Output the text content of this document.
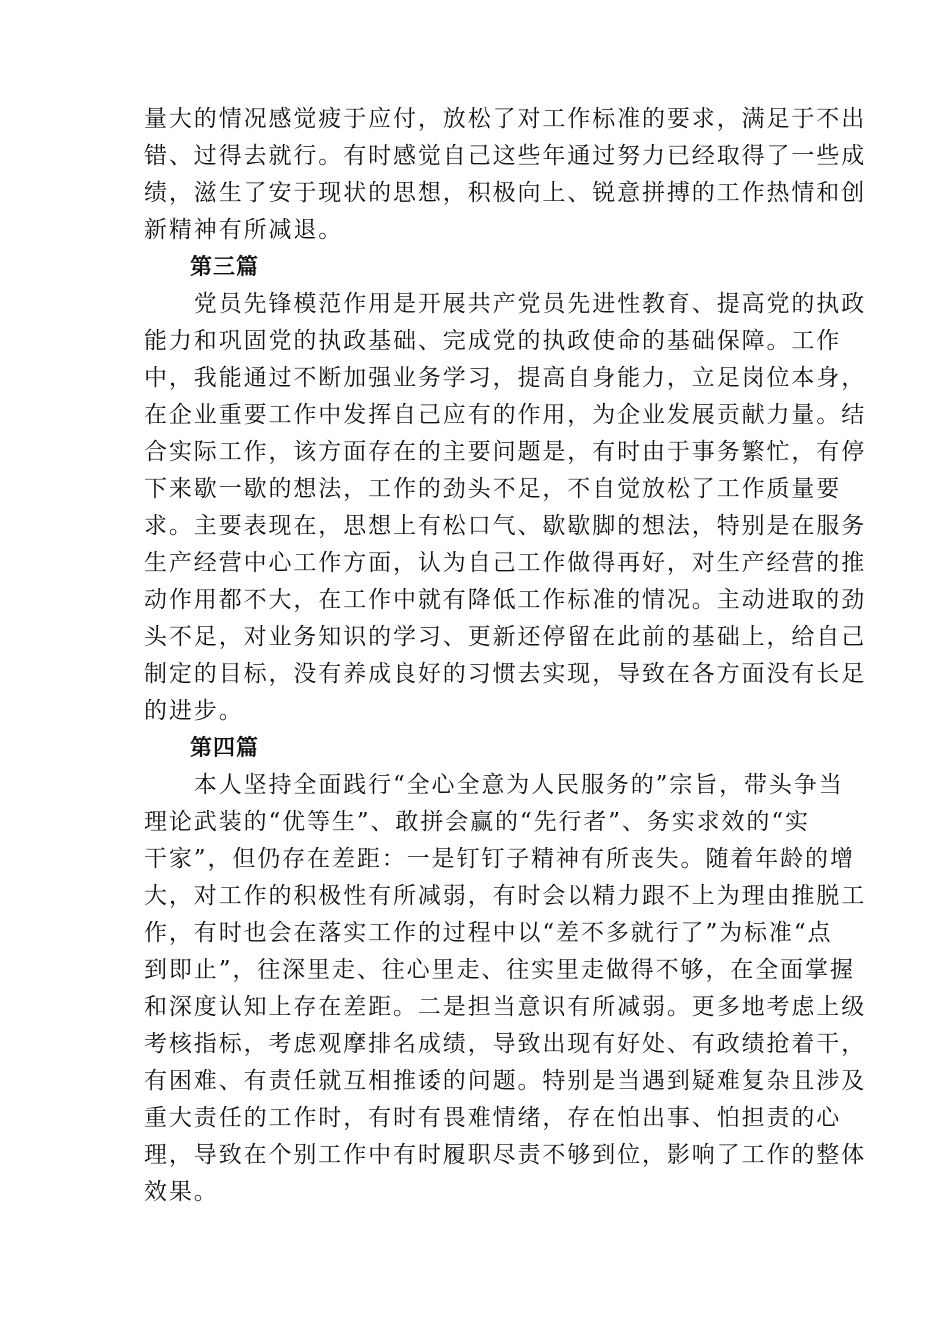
量大的情况感觉疲于应付，放松了对工作标准的要求，满足于不出
错、过得去就行。有时感觉自己这些年通过努力已经取得了一些成
绩，滋生了安于现状的思想，积极向上、锐意拼搏的工作热情和创
新精神有所减退。
第三篇
　　党员先锋模范作用是开展共产党员先进性教育、提高党的执政
能力和巩固党的执政基础、完成党的执政使命的基础保障。工作
中，我能通过不断加强业务学习，提高自身能力，立足岗位本身，
在企业重要工作中发挥自己应有的作用，为企业发展贡献力量。结
合实际工作，该方面存在的主要问题是，有时由于事务繁忙，有停
下来歇一歇的想法，工作的劲头不足，不自觉放松了工作质量要
求。主要表现在，思想上有松口气、歇歇脚的想法，特别是在服务
生产经营中心工作方面，认为自己工作做得再好，对生产经营的推
动作用都不大，在工作中就有降低工作标准的情况。主动进取的劲
头不足，对业务知识的学习、更新还停留在此前的基础上，给自己
制定的目标，没有养成良好的习惯去实现，导致在各方面没有长足
的进步。
第四篇
　　本人坚持全面践行“全心全意为人民服务的”宗旨，带头争当
理论武装的“优等生”、敢拼会赢的“先行者”、务实求效的“实
干家”，但仍存在差距：一是钉钉子精神有所丧失。随着年龄的增
大，对工作的积极性有所减弱，有时会以精力跟不上为理由推脱工
作，有时也会在落实工作的过程中以“差不多就行了”为标准“点
到即止”，往深里走、往心里走、往实里走做得不够，在全面掌握
和深度认知上存在差距。二是担当意识有所减弱。更多地考虑上级
考核指标，考虑观摩排名成绩，导致出现有好处、有政绩抢着干，
有困难、有责任就互相推诿的问题。特别是当遇到疑难复杂且涉及
重大责任的工作时，有时有畏难情绪，存在怕出事、怕担责的心
理，导致在个别工作中有时履职尽责不够到位，影响了工作的整体
效果。
